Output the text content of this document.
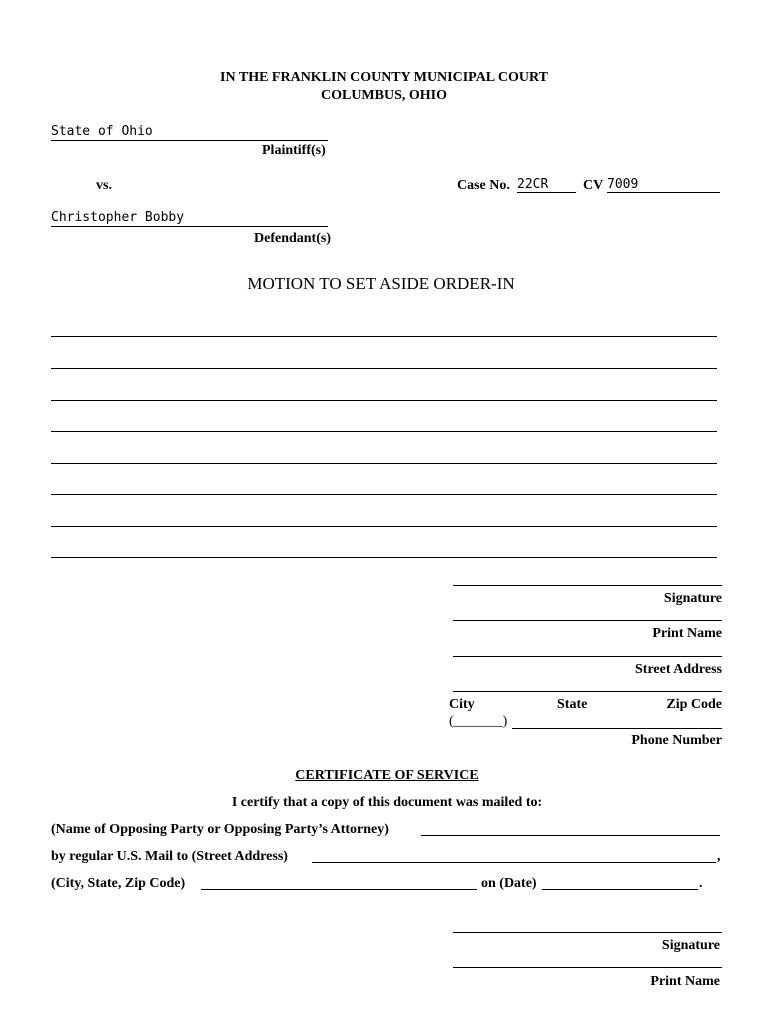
IN THE FRANKLIN COUNTY MUNICIPAL COURT
COLUMBUS, OHIO
State of Ohio
Plaintiff(s)
vs.	Case No. 22CR	CV 7009
Christopher Bobby
Defendant(s)
MOTION TO SET ASIDE ORDER-IN
Signature
Print Name
Street Address
City	State	Zip Code
(_______)
Phone Number
CERTIFICATE OF SERVICE
I certify that a copy of this document was mailed to:
(Name of Opposing Party or Opposing Party’s Attorney)
by regular U.S. Mail to (Street Address)	,
(City, State, Zip Code)	on (Date)	.
Signature
Print Name
